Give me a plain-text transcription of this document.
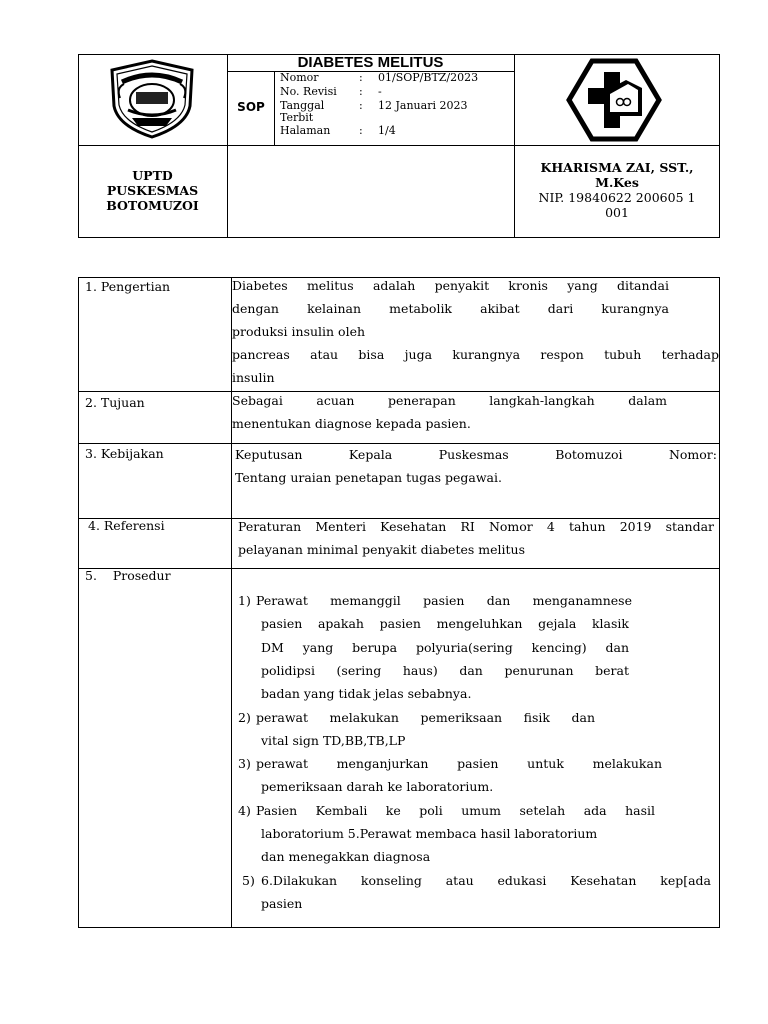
DIABETES MELITUS
SOP
Nomor	: 01/SOP/BTZ/2023
No. Revisi : -
Tanggal	: 12 Januari 2023
Terbit
Halaman	: 1/4
UPTD
PUSKESMAS
BOTOMUZOI
KHARISMA ZAI, SST.,
M.Kes
NIP. 19840622 200605 1
001
1. Pengertian	Diabetes melitus adalah penyakit kronis yang ditandai
dengan kelainan metabolik akibat dari kurangnya
produksi insulin oleh
pancreas atau bisa juga kurangnya respon tubuh terhadap
insulin
2. Tujuan	Sebagai acuan penerapan langkah-langkah dalam
menentukan diagnose kepada pasien.
3. Kebijakan	Keputusan Kepala Puskesmas Botomuzoi Nomor:
Tentang uraian penetapan tugas pegawai.
4. Referensi	Peraturan Menteri Kesehatan RI Nomor 4 tahun 2019 standar
pelayanan minimal penyakit diabetes melitus
5.    Prosedur
1) Perawat memanggil pasien dan menganamnese
pasien apakah pasien mengeluhkan gejala klasik
DM yang berupa polyuria(sering kencing) dan
polidipsi (sering haus) dan penurunan berat
badan yang tidak jelas sebabnya.
2) perawat melakukan pemeriksaan fisik dan
vital sign TD,BB,TB,LP
3) perawat menganjurkan pasien untuk melakukan
pemeriksaan darah ke laboratorium.
4) Pasien Kembali ke poli umum setelah ada hasil
laboratorium 5.Perawat membaca hasil laboratorium
dan menegakkan diagnosa
5) 6.Dilakukan konseling atau edukasi Kesehatan kep[ada
pasien
